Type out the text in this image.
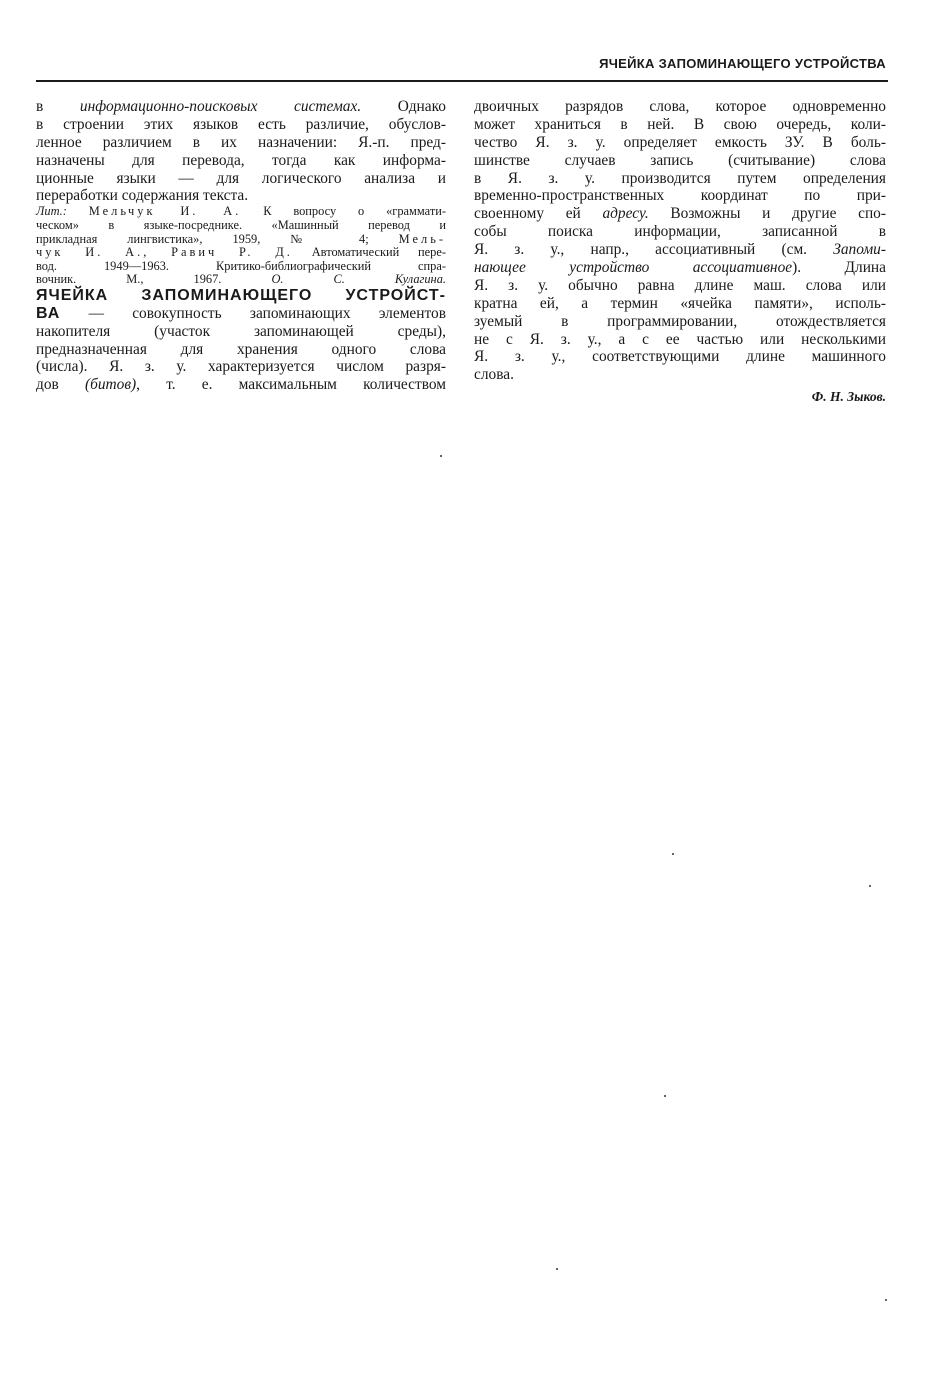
ЯЧЕЙКА ЗАПОМИНАЮЩЕГО УСТРОЙСТВА
в информационно-поисковых системах. Однако
в строении этих языков есть различие, обуслов-
ленное различием в их назначении: Я.-п. пред-
назначены для перевода, тогда как информа-
ционные языки — для логического анализа и
переработки содержания текста.
Лит.: Мельчук И. А. К вопросу о «граммати-
ческом» в языке-посреднике. «Машинный перевод и
прикладная лингвистика», 1959, № 4; Мель-
чук И. А., Равич Р. Д. Автоматический пере-
вод. 1949—1963. Критико-библиографический спра-
вочник. М., 1967.	О. С. Кулагина.
ЯЧЕЙКА ЗАПОМИНАЮЩЕГО УСТРОЙСТ-
ВА — совокупность запоминающих элементов
накопителя (участок запоминающей среды),
предназначенная для хранения одного слова
(числа). Я. з. у. характеризуется числом разря-
дов (битов), т. е. максимальным количеством
двоичных разрядов слова, которое одновременно
может храниться в ней. В свою очередь, коли-
чество Я. з. у. определяет емкость ЗУ. В боль-
шинстве случаев запись (считывание) слова
в Я. з. у. производится путем определения
временно-пространственных координат по при-
своенному ей адресу. Возможны и другие спо-
собы поиска информации, записанной в
Я. з. у., напр., ассоциативный (см. Запоми-
нающее устройство ассоциативное). Длина
Я. з. у. обычно равна длине маш. слова или
кратна ей, а термин «ячейка памяти», исполь-
зуемый в программировании, отождествляется
не с Я. з. у., а с ее частью или несколькими
Я. з. у., соответствующими длине машинного
слова.
Ф. Н. Зыков.
